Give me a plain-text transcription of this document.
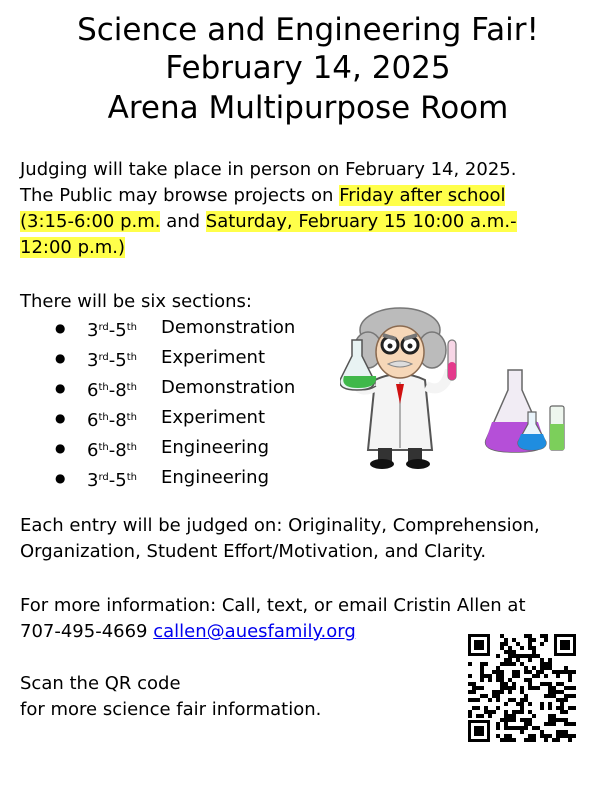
Science and Engineering Fair!
February 14, 2025
Arena Multipurpose Room
Judging will take place in person on February 14, 2025.
The Public may browse projects on Friday after school
(3:15-6:00 p.m. and Saturday, February 15 10:00 a.m.-
12:00 p.m.)
There will be six sections:
● 3rd-5th Demonstration
● 3rd-5th Experiment
● 6th-8th Demonstration
● 6th-8th Experiment
● 6th-8th Engineering
● 3rd-5th Engineering
Each entry will be judged on: Originality, Comprehension,
Organization, Student Effort/Motivation, and Clarity.
For more information: Call, text, or email Cristin Allen at
707-495-4669 callen@auesfamily.org
Scan the QR code
for more science fair information.
